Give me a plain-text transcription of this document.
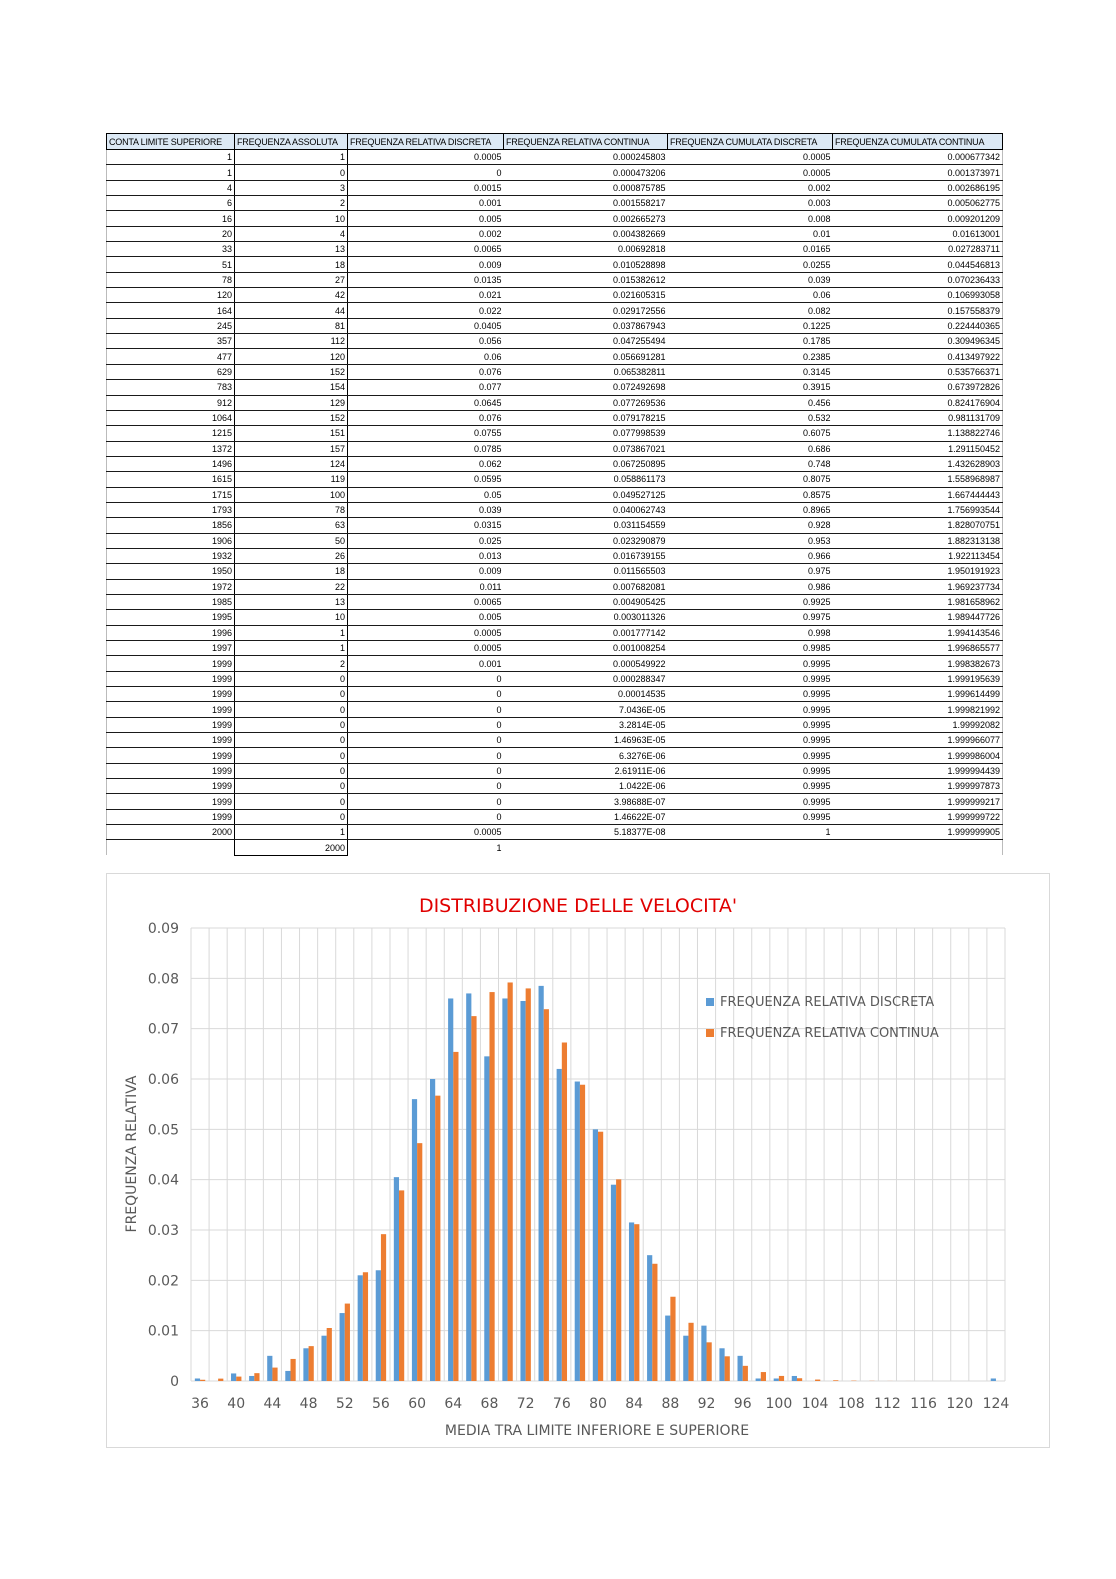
CONTA LIMITE SUPERIORE	FREQUENZA ASSOLUTA	FREQUENZA RELATIVA DISCRETA	FREQUENZA RELATIVA CONTINUA	FREQUENZA CUMULATA DISCRETA	FREQUENZA CUMULATA CONTINUA
1	1	0.0005	0.000245803	0.0005	0.000677342
1	0	0	0.000473206	0.0005	0.001373971
4	3	0.0015	0.000875785	0.002	0.002686195
6	2	0.001	0.001558217	0.003	0.005062775
16	10	0.005	0.002665273	0.008	0.009201209
20	4	0.002	0.004382669	0.01	0.01613001
33	13	0.0065	0.00692818	0.0165	0.027283711
51	18	0.009	0.010528898	0.0255	0.044546813
78	27	0.0135	0.015382612	0.039	0.070236433
120	42	0.021	0.021605315	0.06	0.106993058
164	44	0.022	0.029172556	0.082	0.157558379
245	81	0.0405	0.037867943	0.1225	0.224440365
357	112	0.056	0.047255494	0.1785	0.309496345
477	120	0.06	0.056691281	0.2385	0.413497922
629	152	0.076	0.065382811	0.3145	0.535766371
783	154	0.077	0.072492698	0.3915	0.673972826
912	129	0.0645	0.077269536	0.456	0.824176904
1064	152	0.076	0.079178215	0.532	0.981131709
1215	151	0.0755	0.077998539	0.6075	1.138822746
1372	157	0.0785	0.073867021	0.686	1.291150452
1496	124	0.062	0.067250895	0.748	1.432628903
1615	119	0.0595	0.058861173	0.8075	1.558968987
1715	100	0.05	0.049527125	0.8575	1.667444443
1793	78	0.039	0.040062743	0.8965	1.756993544
1856	63	0.0315	0.031154559	0.928	1.828070751
1906	50	0.025	0.023290879	0.953	1.882313138
1932	26	0.013	0.016739155	0.966	1.922113454
1950	18	0.009	0.011565503	0.975	1.950191923
1972	22	0.011	0.007682081	0.986	1.969237734
1985	13	0.0065	0.004905425	0.9925	1.981658962
1995	10	0.005	0.003011326	0.9975	1.989447726
1996	1	0.0005	0.001777142	0.998	1.994143546
1997	1	0.0005	0.001008254	0.9985	1.996865577
1999	2	0.001	0.000549922	0.9995	1.998382673
1999	0	0	0.000288347	0.9995	1.999195639
1999	0	0	0.00014535	0.9995	1.999614499
1999	0	0	7.0436E-05	0.9995	1.999821992
1999	0	0	3.2814E-05	0.9995	1.99992082
1999	0	0	1.46963E-05	0.9995	1.999966077
1999	0	0	6.3276E-06	0.9995	1.999986004
1999	0	0	2.61911E-06	0.9995	1.999994439
1999	0	0	1.0422E-06	0.9995	1.999997873
1999	0	0	3.98688E-07	0.9995	1.999999217
1999	0	0	1.46622E-07	0.9995	1.999999722
2000	1	0.0005	5.18377E-08	1	1.999999905
	2000	1			
DISTRIBUZIONE DELLE VELOCITA'
0
0.01
0.02
0.03
0.04
0.05
0.06
0.07
0.08
0.09
36 40 44 48 52 56 60 64 68 72 76 80 84 88 92 96 100 104 108 112 116 120 124
MEDIA TRA LIMITE INFERIORE E SUPERIORE
FREQUENZA RELATIVA
FREQUENZA RELATIVA DISCRETA
FREQUENZA RELATIVA CONTINUA
